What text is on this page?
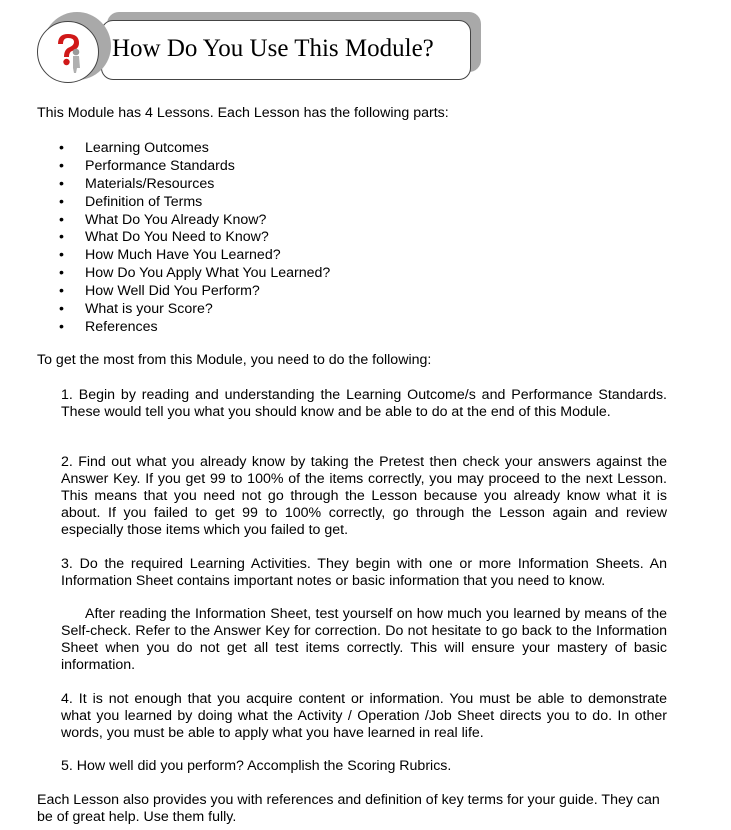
How Do You Use This Module?

This Module has 4 Lessons. Each Lesson has the following parts:

• Learning Outcomes
• Performance Standards
• Materials/Resources
• Definition of Terms
• What Do You Already Know?
• What Do You Need to Know?
• How Much Have You Learned?
• How Do You Apply What You Learned?
• How Well Did You Perform?
• What is your Score?
• References

To get the most from this Module, you need to do the following:

1. Begin by reading and understanding the Learning Outcome/s and Performance Standards. These would tell you what you should know and be able to do at the end of this Module.

2. Find out what you already know by taking the Pretest then check your answers against the Answer Key. If you get 99 to 100% of the items correctly, you may proceed to the next Lesson. This means that you need not go through the Lesson because you already know what it is about. If you failed to get 99 to 100% correctly, go through the Lesson again and review especially those items which you failed to get.

3. Do the required Learning Activities. They begin with one or more Information Sheets. An Information Sheet contains important notes or basic information that you need to know.

After reading the Information Sheet, test yourself on how much you learned by means of the Self-check. Refer to the Answer Key for correction. Do not hesitate to go back to the Information Sheet when you do not get all test items correctly. This will ensure your mastery of basic information.

4. It is not enough that you acquire content or information. You must be able to demonstrate what you learned by doing what the Activity / Operation /Job Sheet directs you to do. In other words, you must be able to apply what you have learned in real life.

5. How well did you perform? Accomplish the Scoring Rubrics.

Each Lesson also provides you with references and definition of key terms for your guide. They can be of great help. Use them fully.
